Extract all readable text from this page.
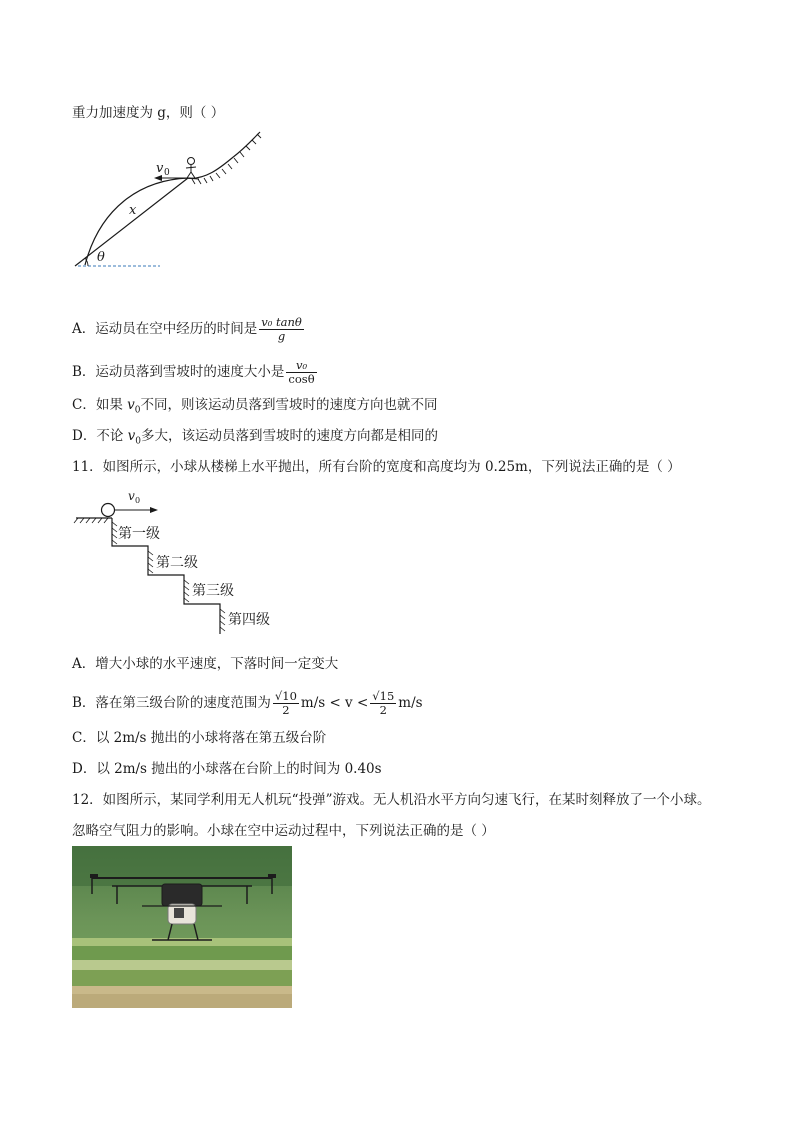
重力加速度为 g，则（ ）
v 0
x
θ
A．运动员在空中经历的时间是 $\frac{\text{v₀ tanθ}}{g}$
B．运动员落到雪坡时的速度大小是 $\frac{\text{v₀}}{\cos\theta}$
C．如果 $v_0$不同，则该运动员落到雪坡时的速度方向也就不同
D．不论 $v_0$多大，该运动员落到雪坡时的速度方向都是相同的
11．如图所示，小球从楼梯上水平抛出，所有台阶的宽度和高度均为 0.25m，下列说法正确的是（ ）
v 0
第一级
第二级
第三级
第四级
A．增大小球的水平速度，下落时间一定变大
B．落在第三级台阶的速度范围为 $\frac{√10}{2} m/s < v < \frac{√15}{2} m/s$
C．以 2m/s 抛出的小球将落在第五级台阶
D．以 2m/s 抛出的小球落在台阶上的时间为 0.40s
12．如图所示，某同学利用无人机玩“投弹”游戏。无人机沿水平方向匀速飞行，在某时刻释放了一个小球。
忽略空气阻力的影响。小球在空中运动过程中，下列说法正确的是（ ）
